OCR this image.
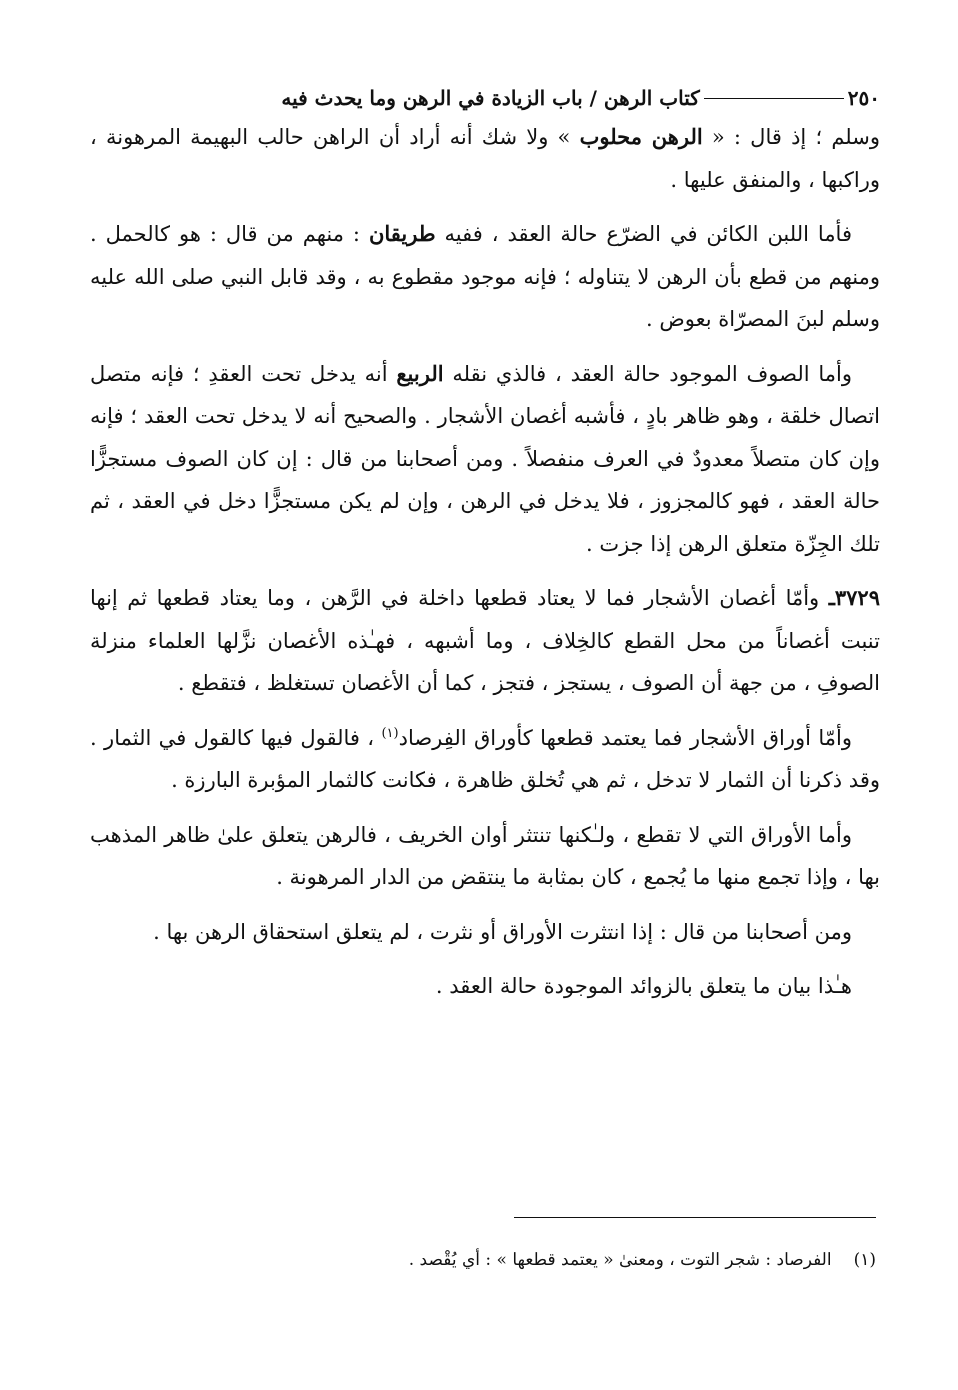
٢٥٠
كتاب الرهن / باب الزيادة في الرهن وما يحدث فيه

وسلم ؛ إذ قال : « الرهن محلوب » ولا شك أنه أراد أن الراهن حالب البهيمة المرهونة ، وراكبها ، والمنفق عليها .

فأما اللبن الكائن في الضرّع حالة العقد ، ففيه طريقان : منهم من قال : هو كالحمل . ومنهم من قطع بأن الرهن لا يتناوله ؛ فإنه موجود مقطوع به ، وقد قابل النبي صلى الله عليه وسلم لبنَ المصرّاة بعوض .

وأما الصوف الموجود حالة العقد ، فالذي نقله الربيع أنه يدخل تحت العقدِ ؛ فإنه متصل اتصال خلقة ، وهو ظاهر بادٍ ، فأشبه أغصان الأشجار . والصحيح أنه لا يدخل تحت العقد ؛ فإنه وإن كان متصلاً معدودٌ في العرف منفصلاً . ومن أصحابنا من قال : إن كان الصوف مستجزًّا حالة العقد ، فهو كالمجزوز ، فلا يدخل في الرهن ، وإن لم يكن مستجزًّا دخل في العقد ، ثم تلك الجِزّة متعلق الرهن إذا جزت .

٣٧٢٩ـ وأمّا أغصان الأشجار فما لا يعتاد قطعها داخلة في الرَّهن ، وما يعتاد قطعها ثم إنها تنبت أغصاناً من محل القطع كالخِلاف ، وما أشبهه ، فهـٰذه الأغصان نزَّلها العلماء منزلة الصوفِ ، من جهة أن الصوف ، يستجز ، فتجز ، كما أن الأغصان تستغلظ ، فتقطع .

وأمّا أوراق الأشجار فما يعتمد قطعها كأوراق الفِرصاد$^{(١)}$ ، فالقول فيها كالقول في الثمار . وقد ذكرنا أن الثمار لا تدخل ، ثم هي تُخلق ظاهرة ، فكانت كالثمار المؤبرة البارزة .

وأما الأوراق التي لا تقطع ، ولـٰكنها تنتثر أوان الخريف ، فالرهن يتعلق علىٰ ظاهر المذهب بها ، وإذا تجمع منها ما يُجمع ، كان بمثابة ما ينتقض من الدار المرهونة .

ومن أصحابنا من قال : إذا انتثرت الأوراق أو نثرت ، لم يتعلق استحقاق الرهن بها .

هـٰذا بيان ما يتعلق بالزوائد الموجودة حالة العقد .

(١)الفرصاد : شجر التوت ، ومعنىٰ « يعتمد قطعها » : أي يُقْصد .
